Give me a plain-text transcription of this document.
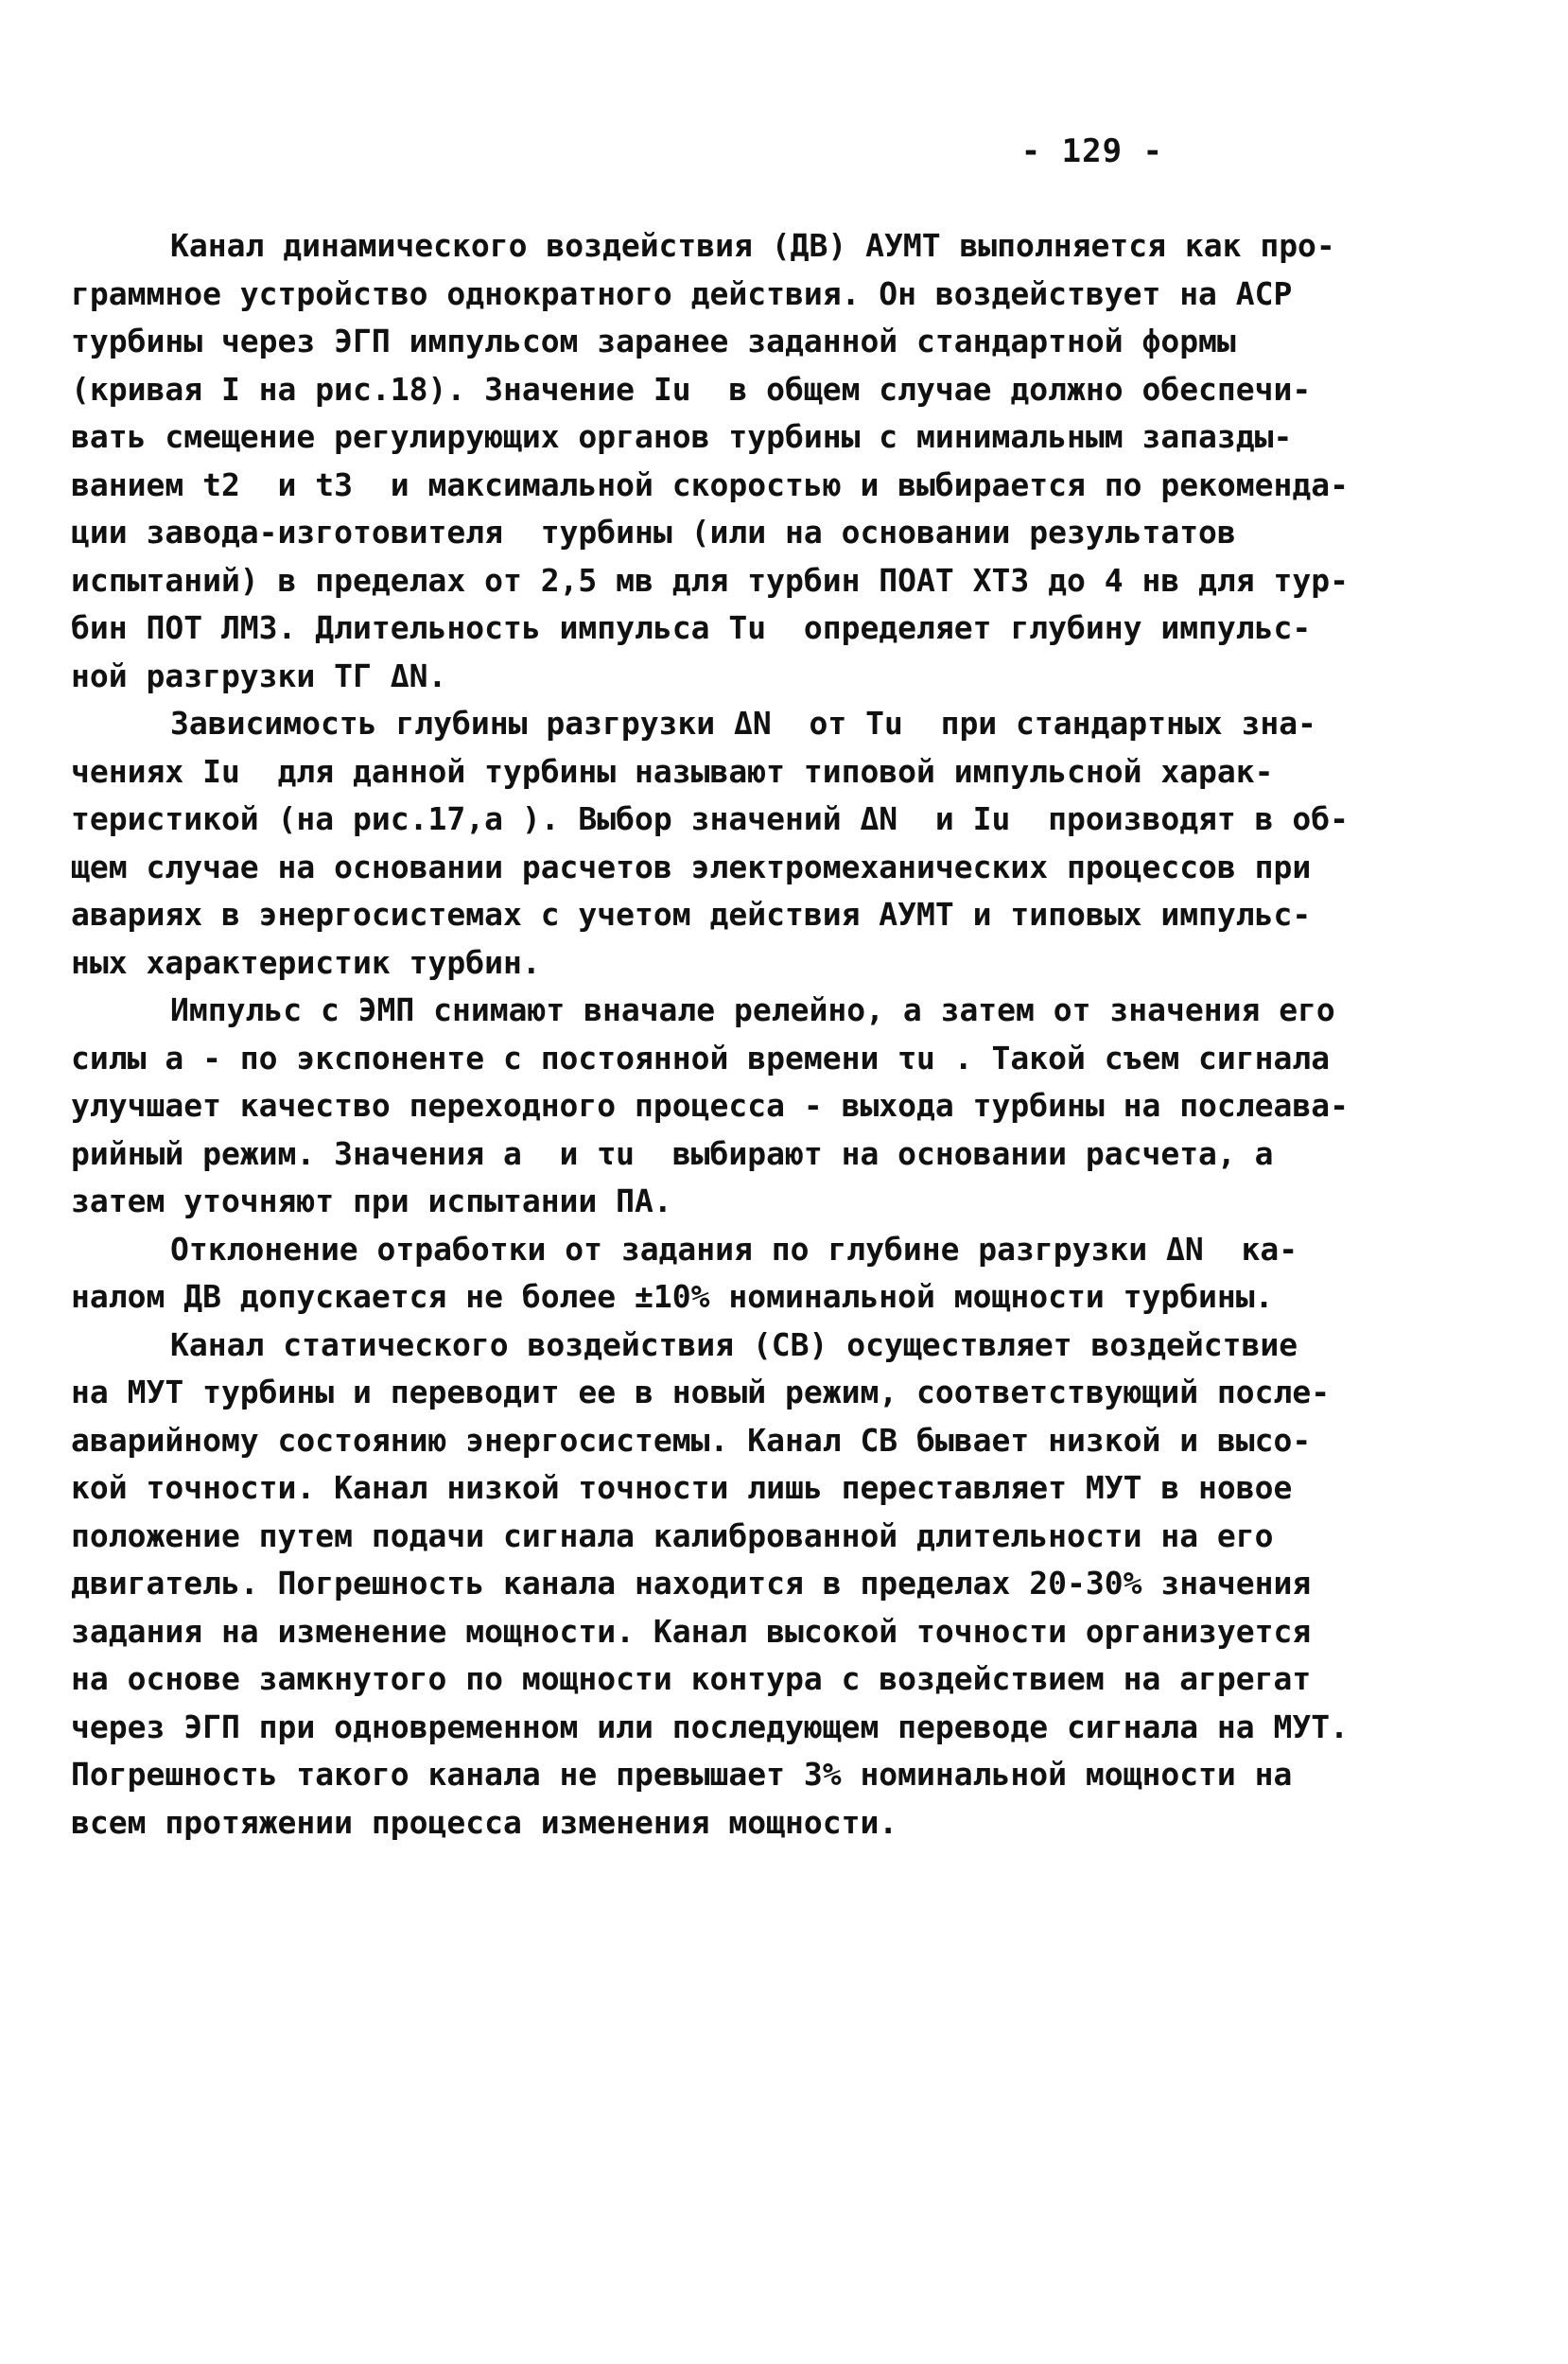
- 129 -
Канал динамического воздействия (ДВ) АУМТ выполняется как про-
граммное устройство однократного действия. Он воздействует на АСР
турбины через ЭГП импульсом заранее заданной стандартной формы
(кривая I на рис.18). Значение Iu  в общем случае должно обеспечи-
вать смещение регулирующих органов турбины с минимальным запазды-
ванием t2  и t3  и максимальной скоростью и выбирается по рекоменда-
ции завода-изготовителя  турбины (или на основании результатов
испытаний) в пределах от 2,5 мв для турбин ПОАТ ХТЗ до 4 нв для тур-
бин ПОТ ЛМЗ. Длительность импульса Tu  определяет глубину импульс-
ной разгрузки ТГ ΔN.
Зависимость глубины разгрузки ΔN  от Tu  при стандартных зна-
чениях Iu  для данной турбины называют типовой импульсной харак-
теристикой (на рис.17,a ). Выбор значений ΔN  и Iu  производят в об-
щем случае на основании расчетов электромеханических процессов при
авариях в энергосистемах с учетом действия АУМТ и типовых импульс-
ных характеристик турбин.
Импульс с ЭМП снимают вначале релейно, а затем от значения его
силы a - по экспоненте с постоянной времени τu . Такой съем сигнала
улучшает качество переходного процесса - выхода турбины на послеава-
рийный режим. Значения a  и τu  выбирают на основании расчета, а
затем уточняют при испытании ПА.
Отклонение отработки от задания по глубине разгрузки ΔN  ка-
налом ДВ допускается не более ±10% номинальной мощности турбины.
Канал статического воздействия (СВ) осуществляет воздействие
на МУТ турбины и переводит ее в новый режим, соответствующий после-
аварийному состоянию энергосистемы. Канал СВ бывает низкой и высо-
кой точности. Канал низкой точности лишь переставляет МУТ в новое
положение путем подачи сигнала калиброванной длительности на его
двигатель. Погрешность канала находится в пределах 20-30% значения
задания на изменение мощности. Канал высокой точности организуется
на основе замкнутого по мощности контура с воздействием на агрегат
через ЭГП при одновременном или последующем переводе сигнала на МУТ.
Погрешность такого канала не превышает 3% номинальной мощности на
всем протяжении процесса изменения мощности.
